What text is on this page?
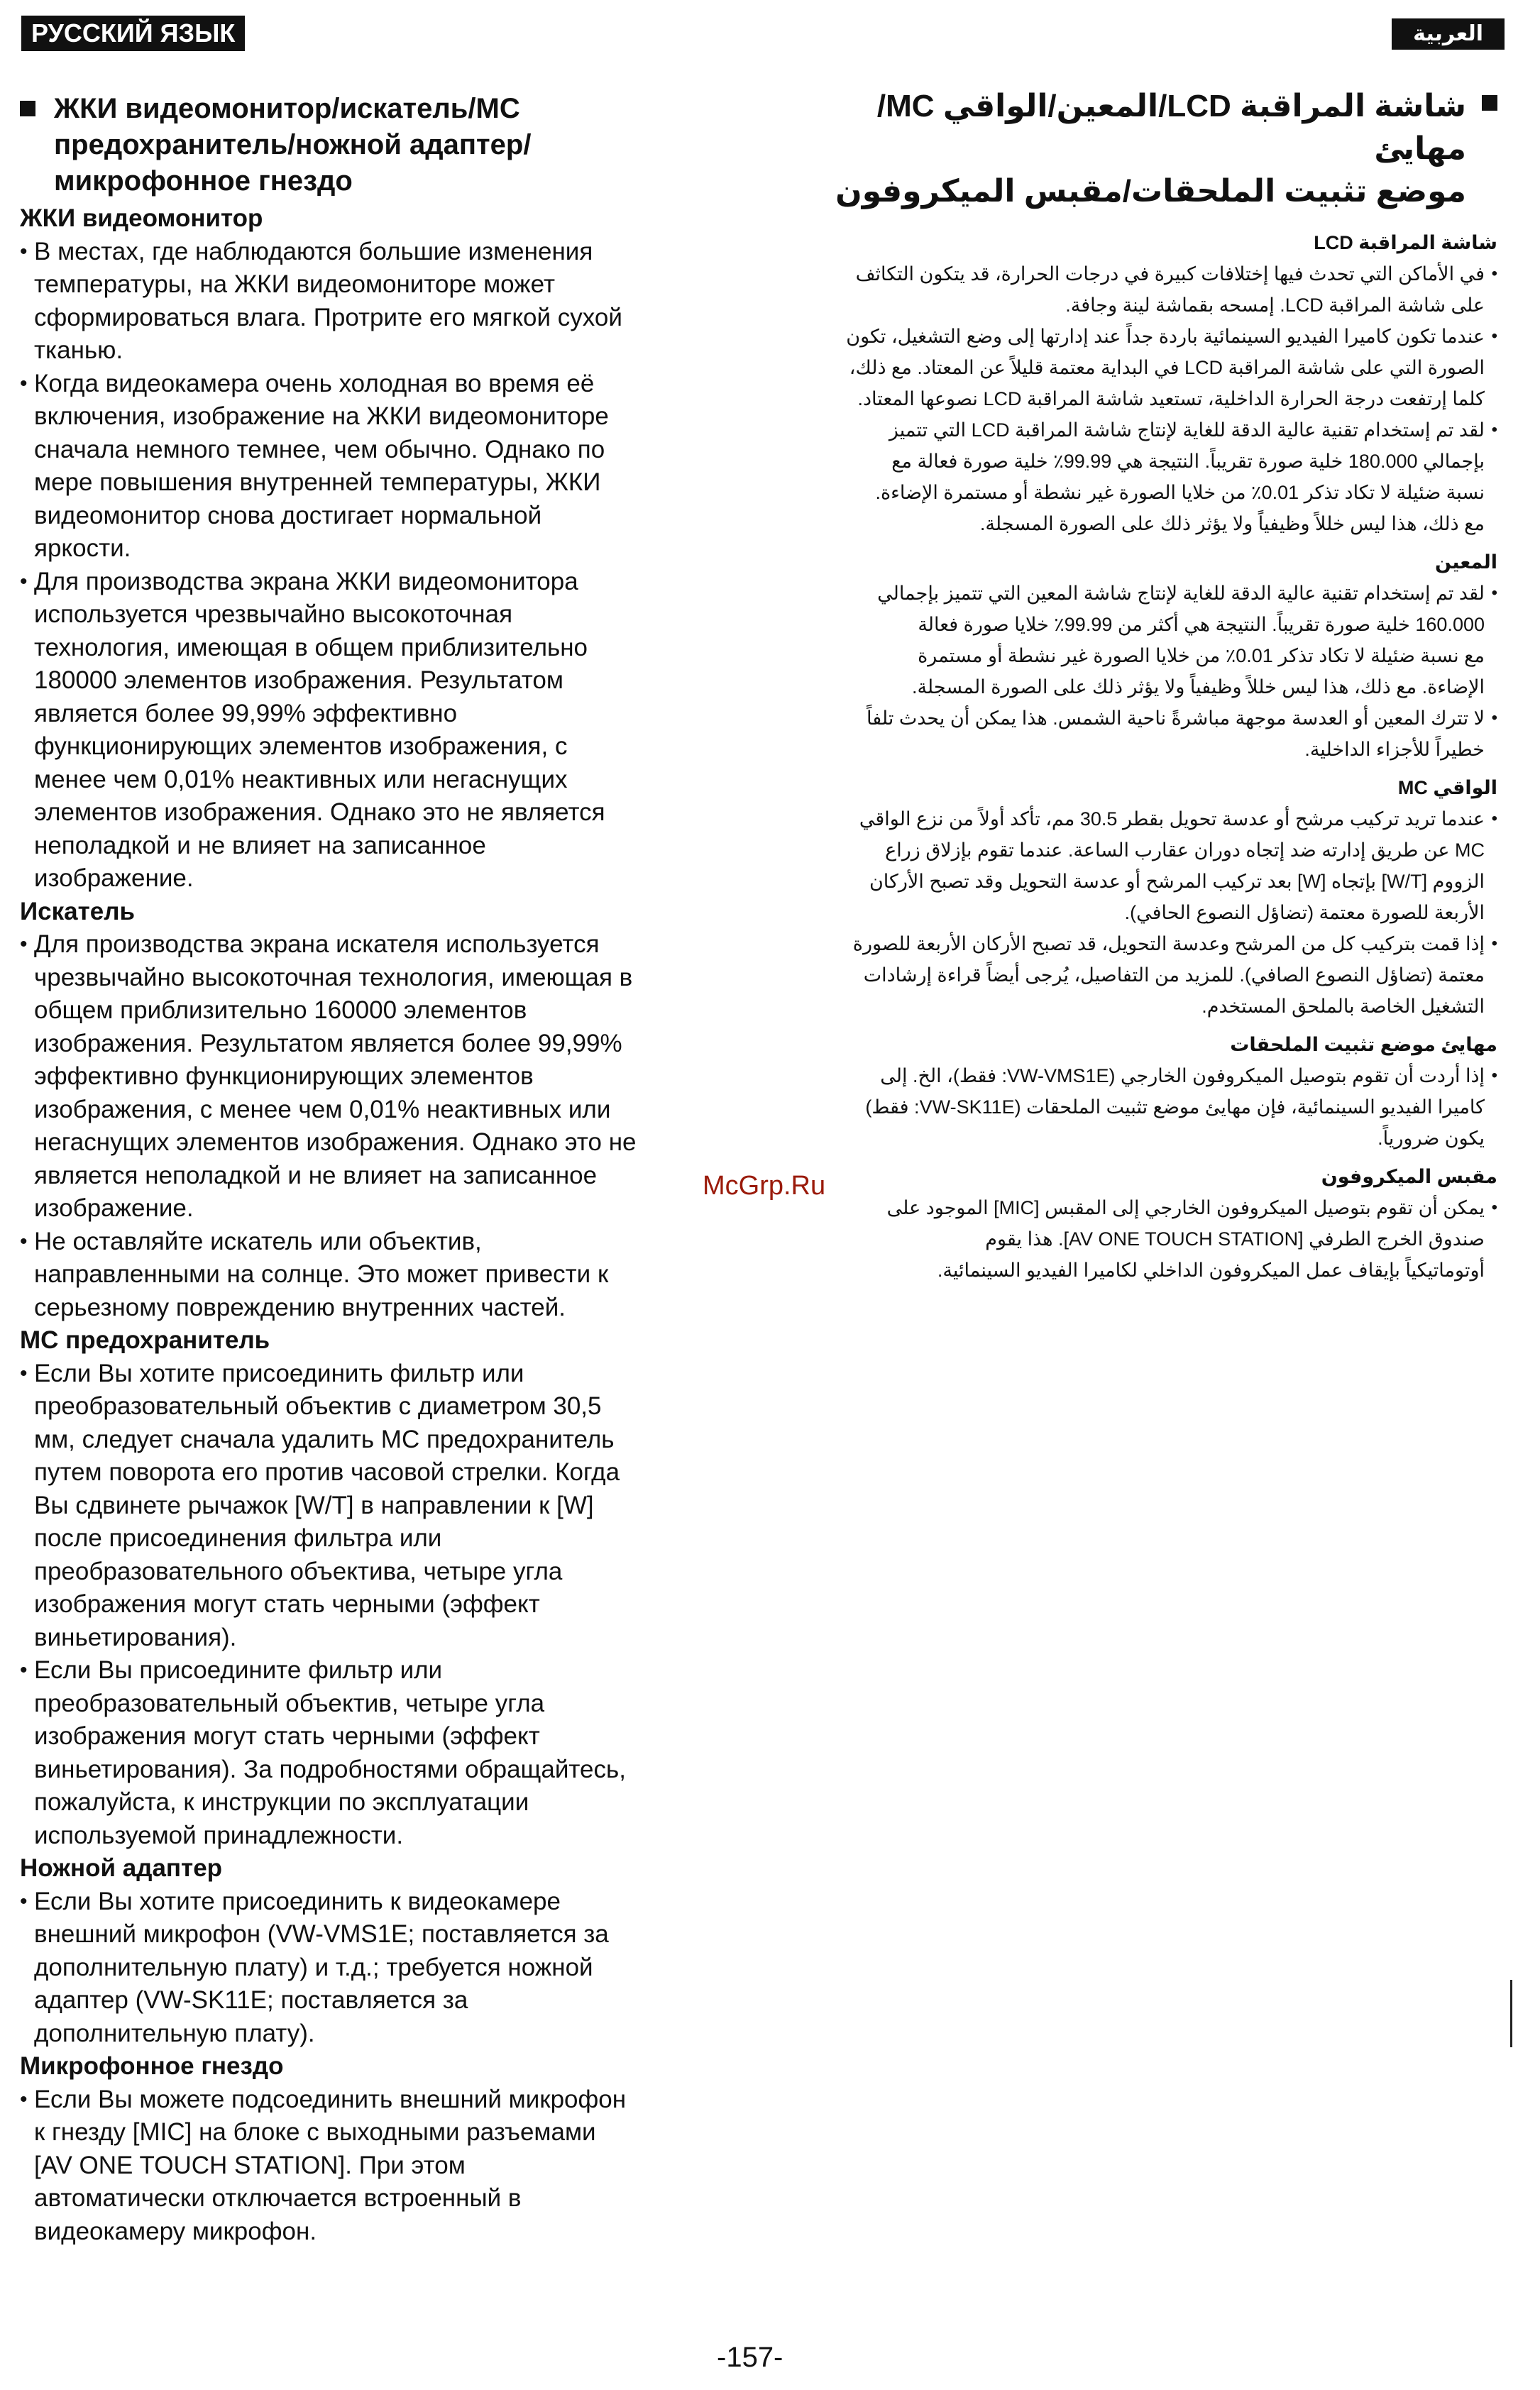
РУССКИЙ ЯЗЫК	العربية
ЖКИ видеомонитор/искатель/MC
предохранитель/ножной адаптер/
микрофонное гнездо
ЖКИ видеомонитор
• В местах, где наблюдаются большие изменения
температуры, на ЖКИ видеомониторе может
сформироваться влага. Протрите его мягкой сухой
тканью.
• Когда видеокамера очень холодная во время её
включения, изображение на ЖКИ видеомониторе
сначала немного темнее, чем обычно. Однако по
мере повышения внутренней температуры, ЖКИ
видеомонитор снова достигает нормальной
яркости.
• Для производства экрана ЖКИ видеомонитора
используется чрезвычайно высокоточная
технология, имеющая в общем приблизительно
180000 элементов изображения. Результатом
является более 99,99% эффективно
функционирующих элементов изображения, с
менее чем 0,01% неактивных или негаснущих
элементов изображения. Однако это не является
неполадкой и не влияет на записанное
изображение.
Искатель
• Для производства экрана искателя используется
чрезвычайно высокоточная технология, имеющая в
общем приблизительно 160000 элементов
изображения. Результатом является более 99,99%
эффективно функционирующих элементов
изображения, с менее чем 0,01% неактивных или
негаснущих элементов изображения. Однако это не
является неполадкой и не влияет на записанное
изображение.
• Не оставляйте искатель или объектив,
направленными на солнце. Это может привести к
серьезному повреждению внутренних частей.
MC предохранитель
• Если Вы хотите присоединить фильтр или
преобразовательный объектив с диаметром 30,5
мм, следует сначала удалить MC предохранитель
путем поворота его против часовой стрелки. Когда
Вы сдвинете рычажок [W/T] в направлении к [W]
после присоединения фильтра или
преобразовательного объектива, четыре угла
изображения могут стать черными (эффект
виньетирования).
• Если Вы присоедините фильтр или
преобразовательный объектив, четыре угла
изображения могут стать черными (эффект
виньетирования). За подробностями обращайтесь,
пожалуйста, к инструкции по эксплуатации
используемой принадлежности.
Ножной адаптер
• Если Вы хотите присоединить к видеокамере
внешний микрофон (VW-VMS1E; поставляется за
дополнительную плату) и т.д.; требуется ножной
адаптер (VW-SK11E; поставляется за
дополнительную плату).
Микрофонное гнездо
• Если Вы можете подсоединить внешний микрофон
к гнезду [MIC] на блоке с выходными разъемами
[AV ONE TOUCH STATION]. При этом
автоматически отключается встроенный в
видеокамеру микрофон.
شاشة المراقبة LCD/المعين/الواقي MC/مهايئ
موضع تثبيت الملحقات/مقبس الميكروفون
شاشة المراقبة LCD
•
في الأماكن التي تحدث فيها إختلافات كبيرة في درجات الحرارة، قد يتكون التكاثف
على شاشة المراقبة LCD. إمسحه بقماشة لينة وجافة.
•
عندما تكون كاميرا الفيديو السينمائية باردة جداً عند إدارتها إلى وضع التشغيل، تكون
الصورة التي على شاشة المراقبة LCD في البداية معتمة قليلاً عن المعتاد. مع ذلك،
كلما إرتفعت درجة الحرارة الداخلية، تستعيد شاشة المراقبة LCD نصوعها المعتاد.
•
لقد تم إستخدام تقنية عالية الدقة للغاية لإنتاج شاشة المراقبة LCD التي تتميز
بإجمالي 180.000 خلية صورة تقريباً. النتيجة هي 99.99٪ خلية صورة فعالة مع
نسبة ضئيلة لا تكاد تذكر 0.01٪ من خلايا الصورة غير نشطة أو مستمرة الإضاءة.
مع ذلك، هذا ليس خللاً وظيفياً ولا يؤثر ذلك على الصورة المسجلة.
المعين
•
لقد تم إستخدام تقنية عالية الدقة للغاية لإنتاج شاشة المعين التي تتميز بإجمالي
160.000 خلية صورة تقريباً. النتيجة هي أكثر من 99.99٪ خلايا صورة فعالة
مع نسبة ضئيلة لا تكاد تذكر 0.01٪ من خلايا الصورة غير نشطة أو مستمرة
الإضاءة. مع ذلك، هذا ليس خللاً وظيفياً ولا يؤثر ذلك على الصورة المسجلة.
•
لا تترك المعين أو العدسة موجهة مباشرةً ناحية الشمس. هذا يمكن أن يحدث تلفاً
خطيراً للأجزاء الداخلية.
الواقي MC
•
عندما تريد تركيب مرشح أو عدسة تحويل بقطر 30.5 مم، تأكد أولاً من نزع الواقي
MC عن طريق إدارته ضد إتجاه دوران عقارب الساعة. عندما تقوم بإزلاق زراع
الزووم [W/T] بإتجاه [W] بعد تركيب المرشح أو عدسة التحويل وقد تصبح الأركان
الأربعة للصورة معتمة (تضاؤل النصوع الحافي).
•
إذا قمت بتركيب كل من المرشح وعدسة التحويل، قد تصبح الأركان الأربعة للصورة
معتمة (تضاؤل النصوع الصافي). للمزيد من التفاصيل، يُرجى أيضاً قراءة إرشادات
التشغيل الخاصة بالملحق المستخدم.
مهايئ موضع تثبيت الملحقات
•
إذا أردت أن تقوم بتوصيل الميكروفون الخارجي (VW-VMS1E: فقط)، الخ. إلى
كاميرا الفيديو السينمائية، فإن مهايئ موضع تثبيت الملحقات (VW-SK11E: فقط)
يكون ضرورياً.
مقبس الميكروفون
•
يمكن أن تقوم بتوصيل الميكروفون الخارجي إلى المقبس [MIC] الموجود على
صندوق الخرج الطرفي [AV ONE TOUCH STATION]. هذا يقوم
أوتوماتيكياً بإيقاف عمل الميكروفون الداخلي لكاميرا الفيديو السينمائية.
McGrp.Ru
-157-
